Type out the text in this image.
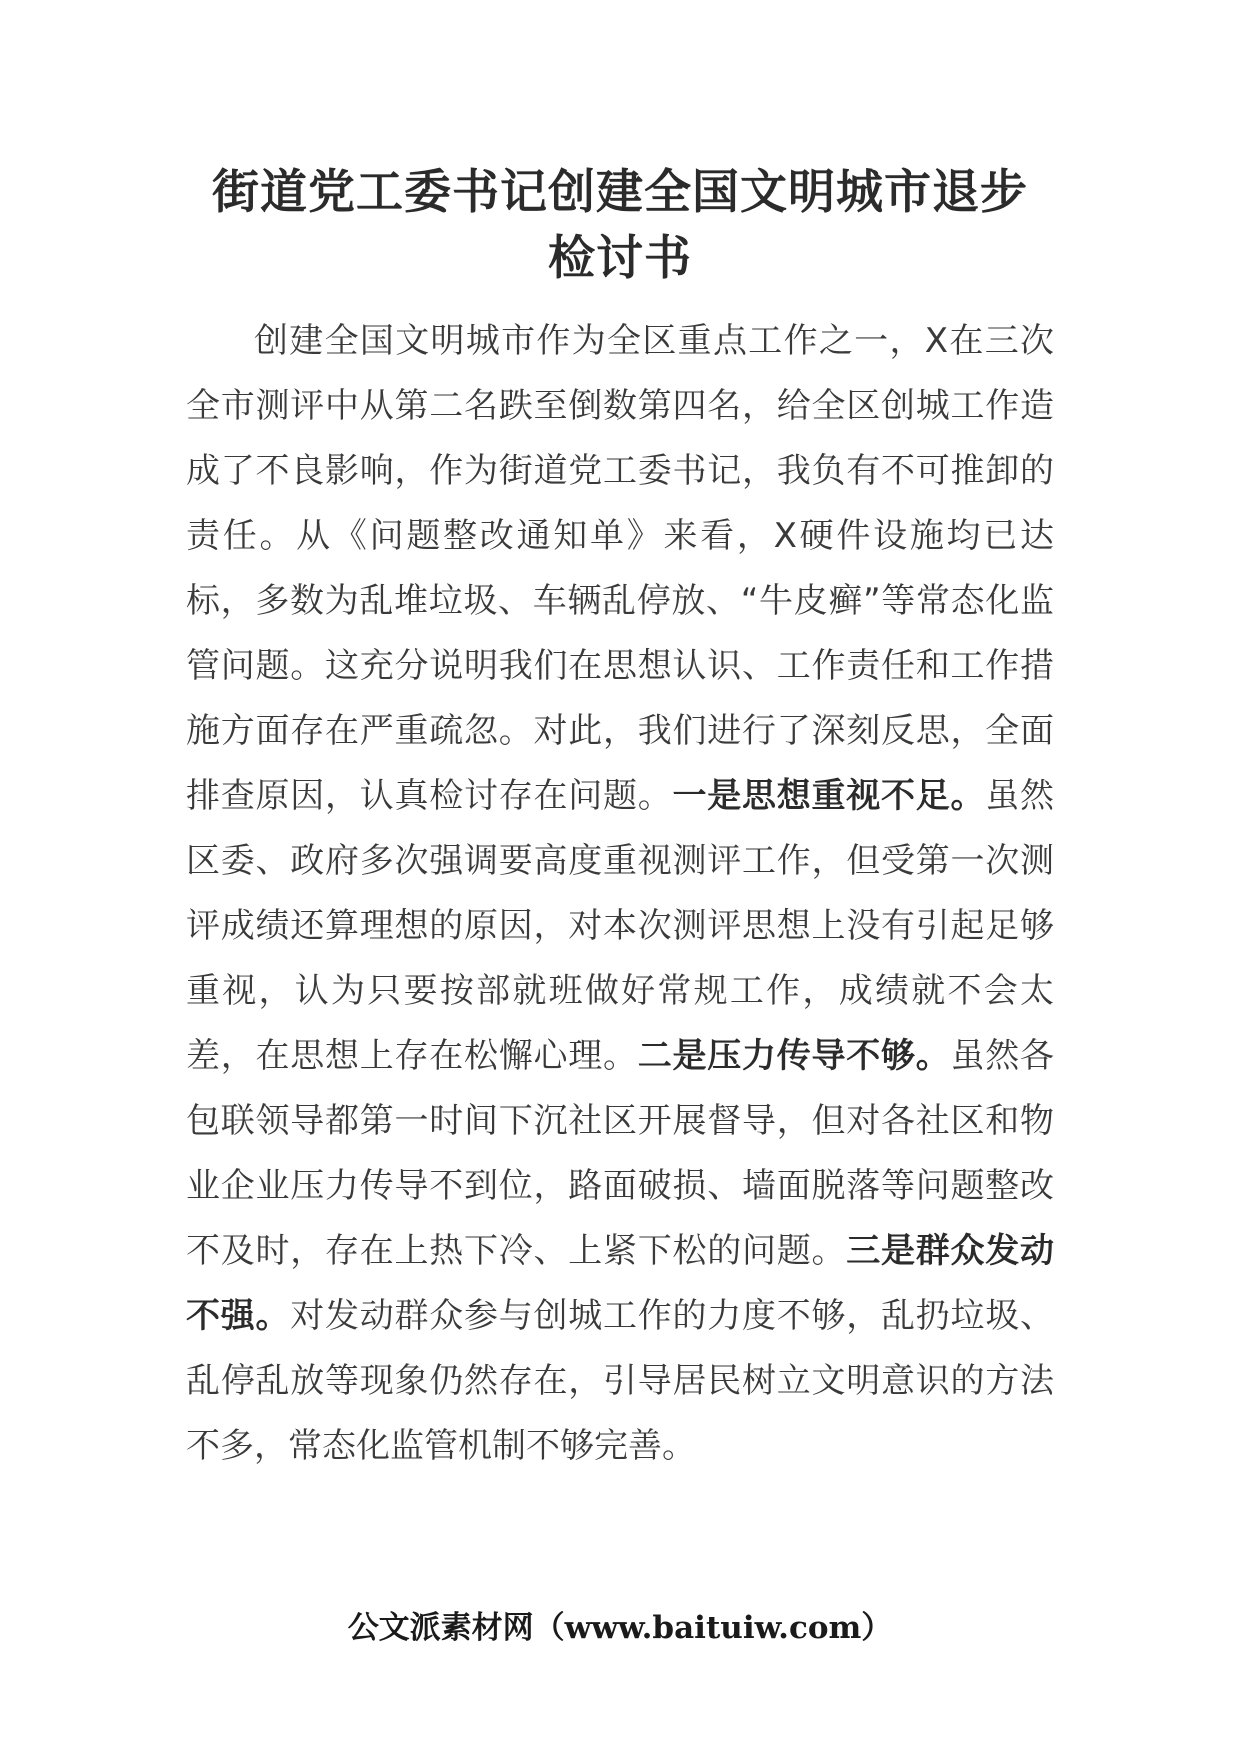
街道党工委书记创建全国文明城市退步
检讨书

创建全国文明城市作为全区重点工作之一，X在三次全市测评中从第二名跌至倒数第四名，给全区创城工作造成了不良影响，作为街道党工委书记，我负有不可推卸的责任。从《问题整改通知单》来看，X硬件设施均已达标，多数为乱堆垃圾、车辆乱停放、“牛皮癣”等常态化监管问题。这充分说明我们在思想认识、工作责任和工作措施方面存在严重疏忽。对此，我们进行了深刻反思，全面排查原因，认真检讨存在问题。一是思想重视不足。虽然区委、政府多次强调要高度重视测评工作，但受第一次测评成绩还算理想的原因，对本次测评思想上没有引起足够重视，认为只要按部就班做好常规工作，成绩就不会太差，在思想上存在松懈心理。二是压力传导不够。虽然各包联领导都第一时间下沉社区开展督导，但对各社区和物业企业压力传导不到位，路面破损、墙面脱落等问题整改不及时，存在上热下冷、上紧下松的问题。三是群众发动不强。对发动群众参与创城工作的力度不够，乱扔垃圾、乱停乱放等现象仍然存在，引导居民树立文明意识的方法不多，常态化监管机制不够完善。

公文派素材网（www.baituiw.com）
